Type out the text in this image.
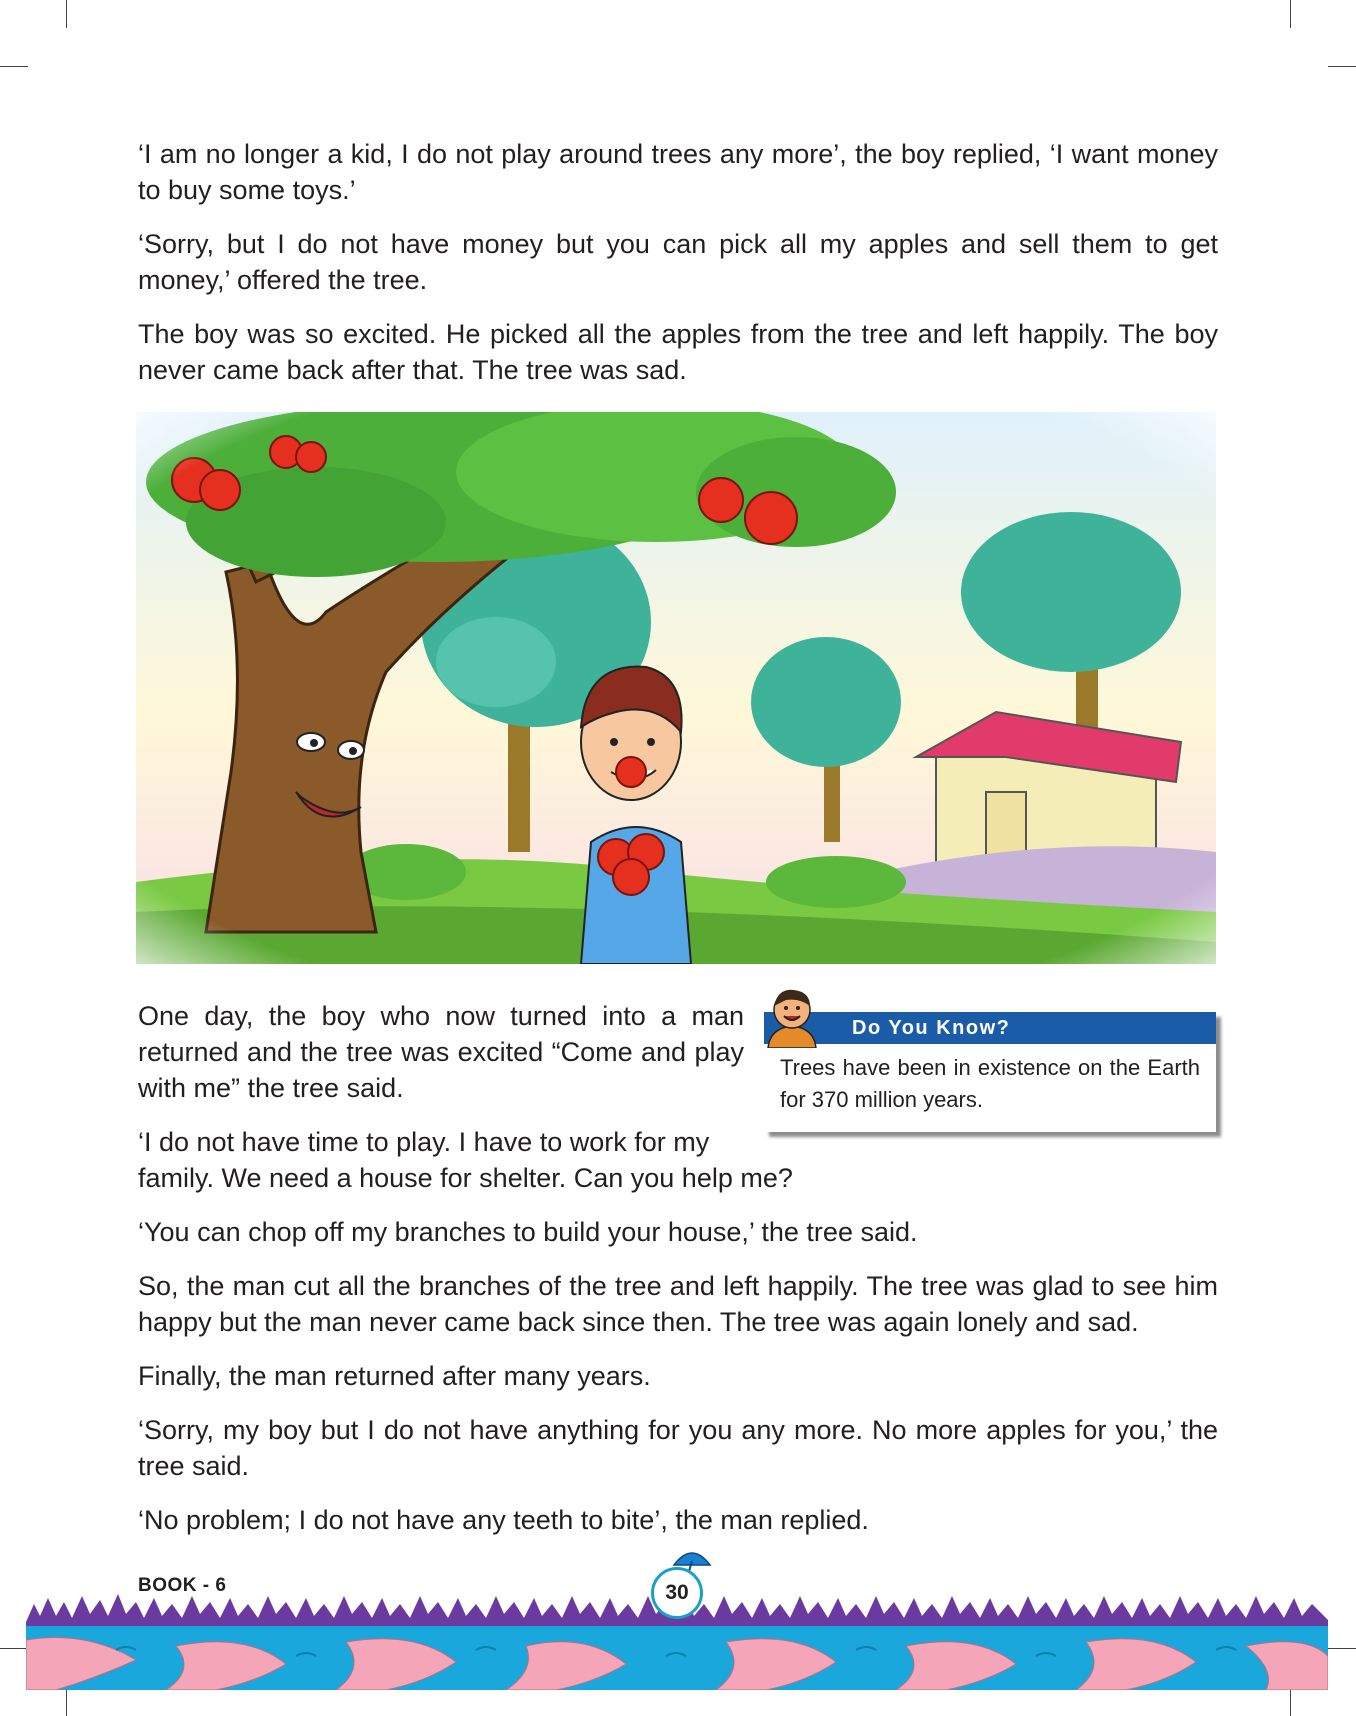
‘I am no longer a kid, I do not play around trees any more’, the boy replied, ‘I want money to buy some toys.’

‘Sorry, but I do not have money but you can pick all my apples and sell them to get money,’ offered the tree.

The boy was so excited. He picked all the apples from the tree and left happily. The boy never came back after that. The tree was sad.

One day, the boy who now turned into a man returned and the tree was excited “Come and play with me” the tree said.

‘I do not have time to play. I have to work for my

family. We need a house for shelter. Can you help me?

Do You Know?

Trees have been in existence on the Earth for 370 million years.

‘You can chop off my branches to build your house,’ the tree said.

So, the man cut all the branches of the tree and left happily. The tree was glad to see him happy but the man never came back since then. The tree was again lonely and sad.

Finally, the man returned after many years.

‘Sorry, my boy but I do not have anything for you any more. No more apples for you,’ the tree said.

‘No problem; I do not have any teeth to bite’, the man replied.

BOOK - 6	30
